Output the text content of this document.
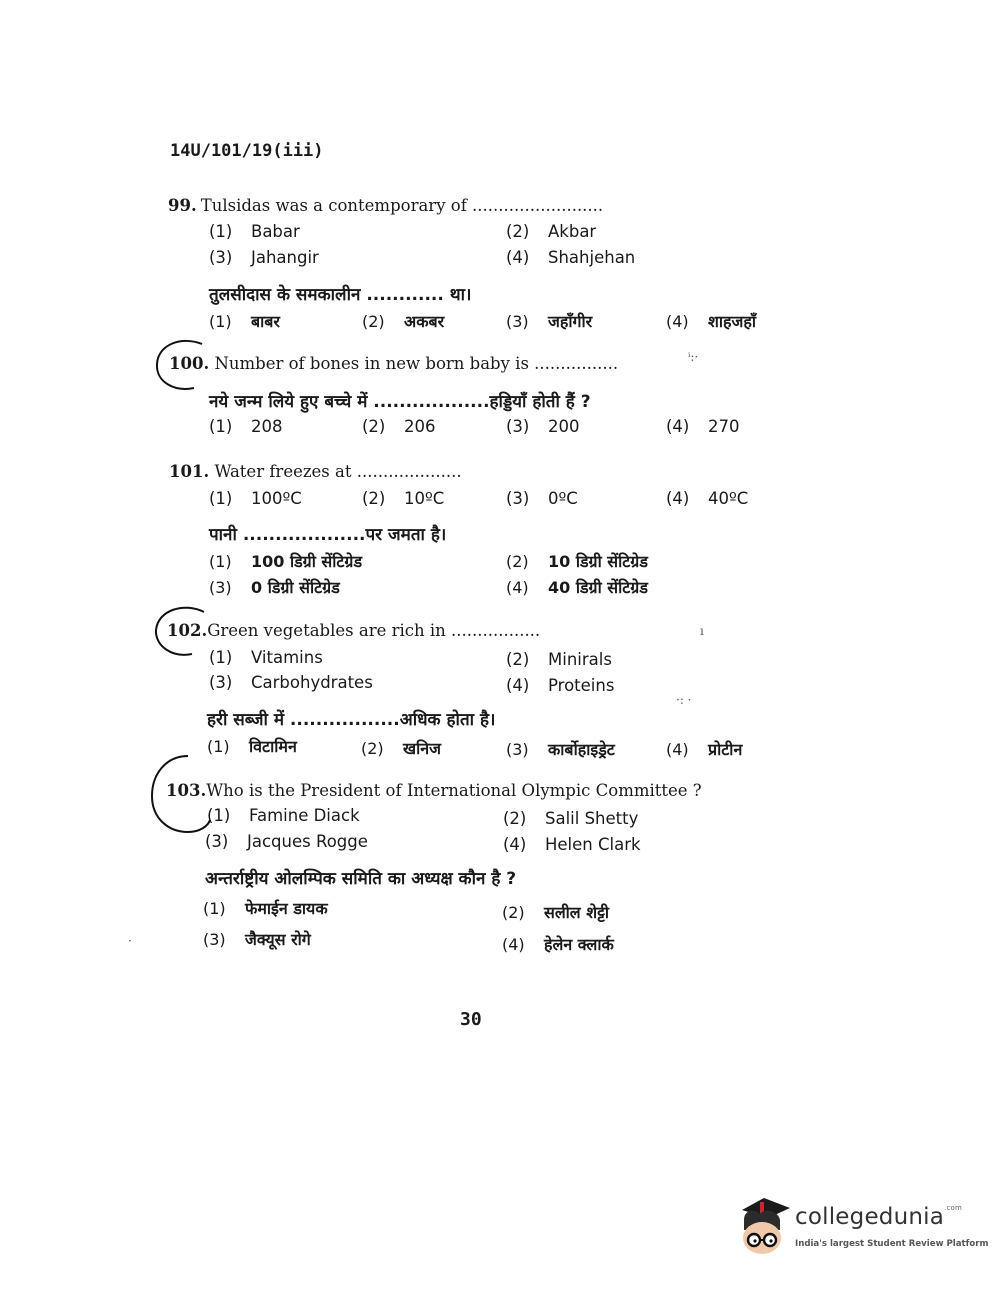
14U/101/19(iii)
99. Tulsidas was a contemporary of .........................
(1) Babar	(2) Akbar
(3) Jahangir	(4) Shahjehan
तुलसीदास के समकालीन ............ था।
(1) बाबर	(2) अकबर	(3) जहाँगीर	(4) शाहजहाँ
100. Number of bones in new born baby is ................
नये जन्म लिये हुए बच्चे में ..................हड्डियाँ होती हैं ?
(1) 208	(2) 206	(3) 200	(4) 270
101. Water freezes at ....................
(1) 100ºC	(2) 10ºC	(3) 0ºC	(4) 40ºC
पानी ...................पर जमता है।
(1) 100 डिग्री सेंटिग्रेड	(2) 10 डिग्री सेंटिग्रेड
(3) 0 डिग्री सेंटिग्रेड	(4) 40 डिग्री सेंटिग्रेड
102.Green vegetables are rich in .................
(1) Vitamins	(2) Minirals
(3) Carbohydrates	(4) Proteins
हरी सब्जी में .................अधिक होता है।
(1) विटामिन	(2) खनिज	(3) कार्बोहाइड्रेट	(4) प्रोटीन
103.Who is the President of International Olympic Committee ?
(1) Famine Diack	(2) Salil Shetty
(3) Jacques Rogge	(4) Helen Clark
अन्तर्राष्ट्रीय ओलम्पिक समिति का अध्यक्ष कौन है ?
(1) फेमाईन डायक	(2) सलील शेट्टी
(3) जैक्यूस रोगे	(4) हेलेन क्लार्क
ⁱ:·
ı
·: ·
·
30
collegedunia$^{.com}$
India's largest Student Review Platform
